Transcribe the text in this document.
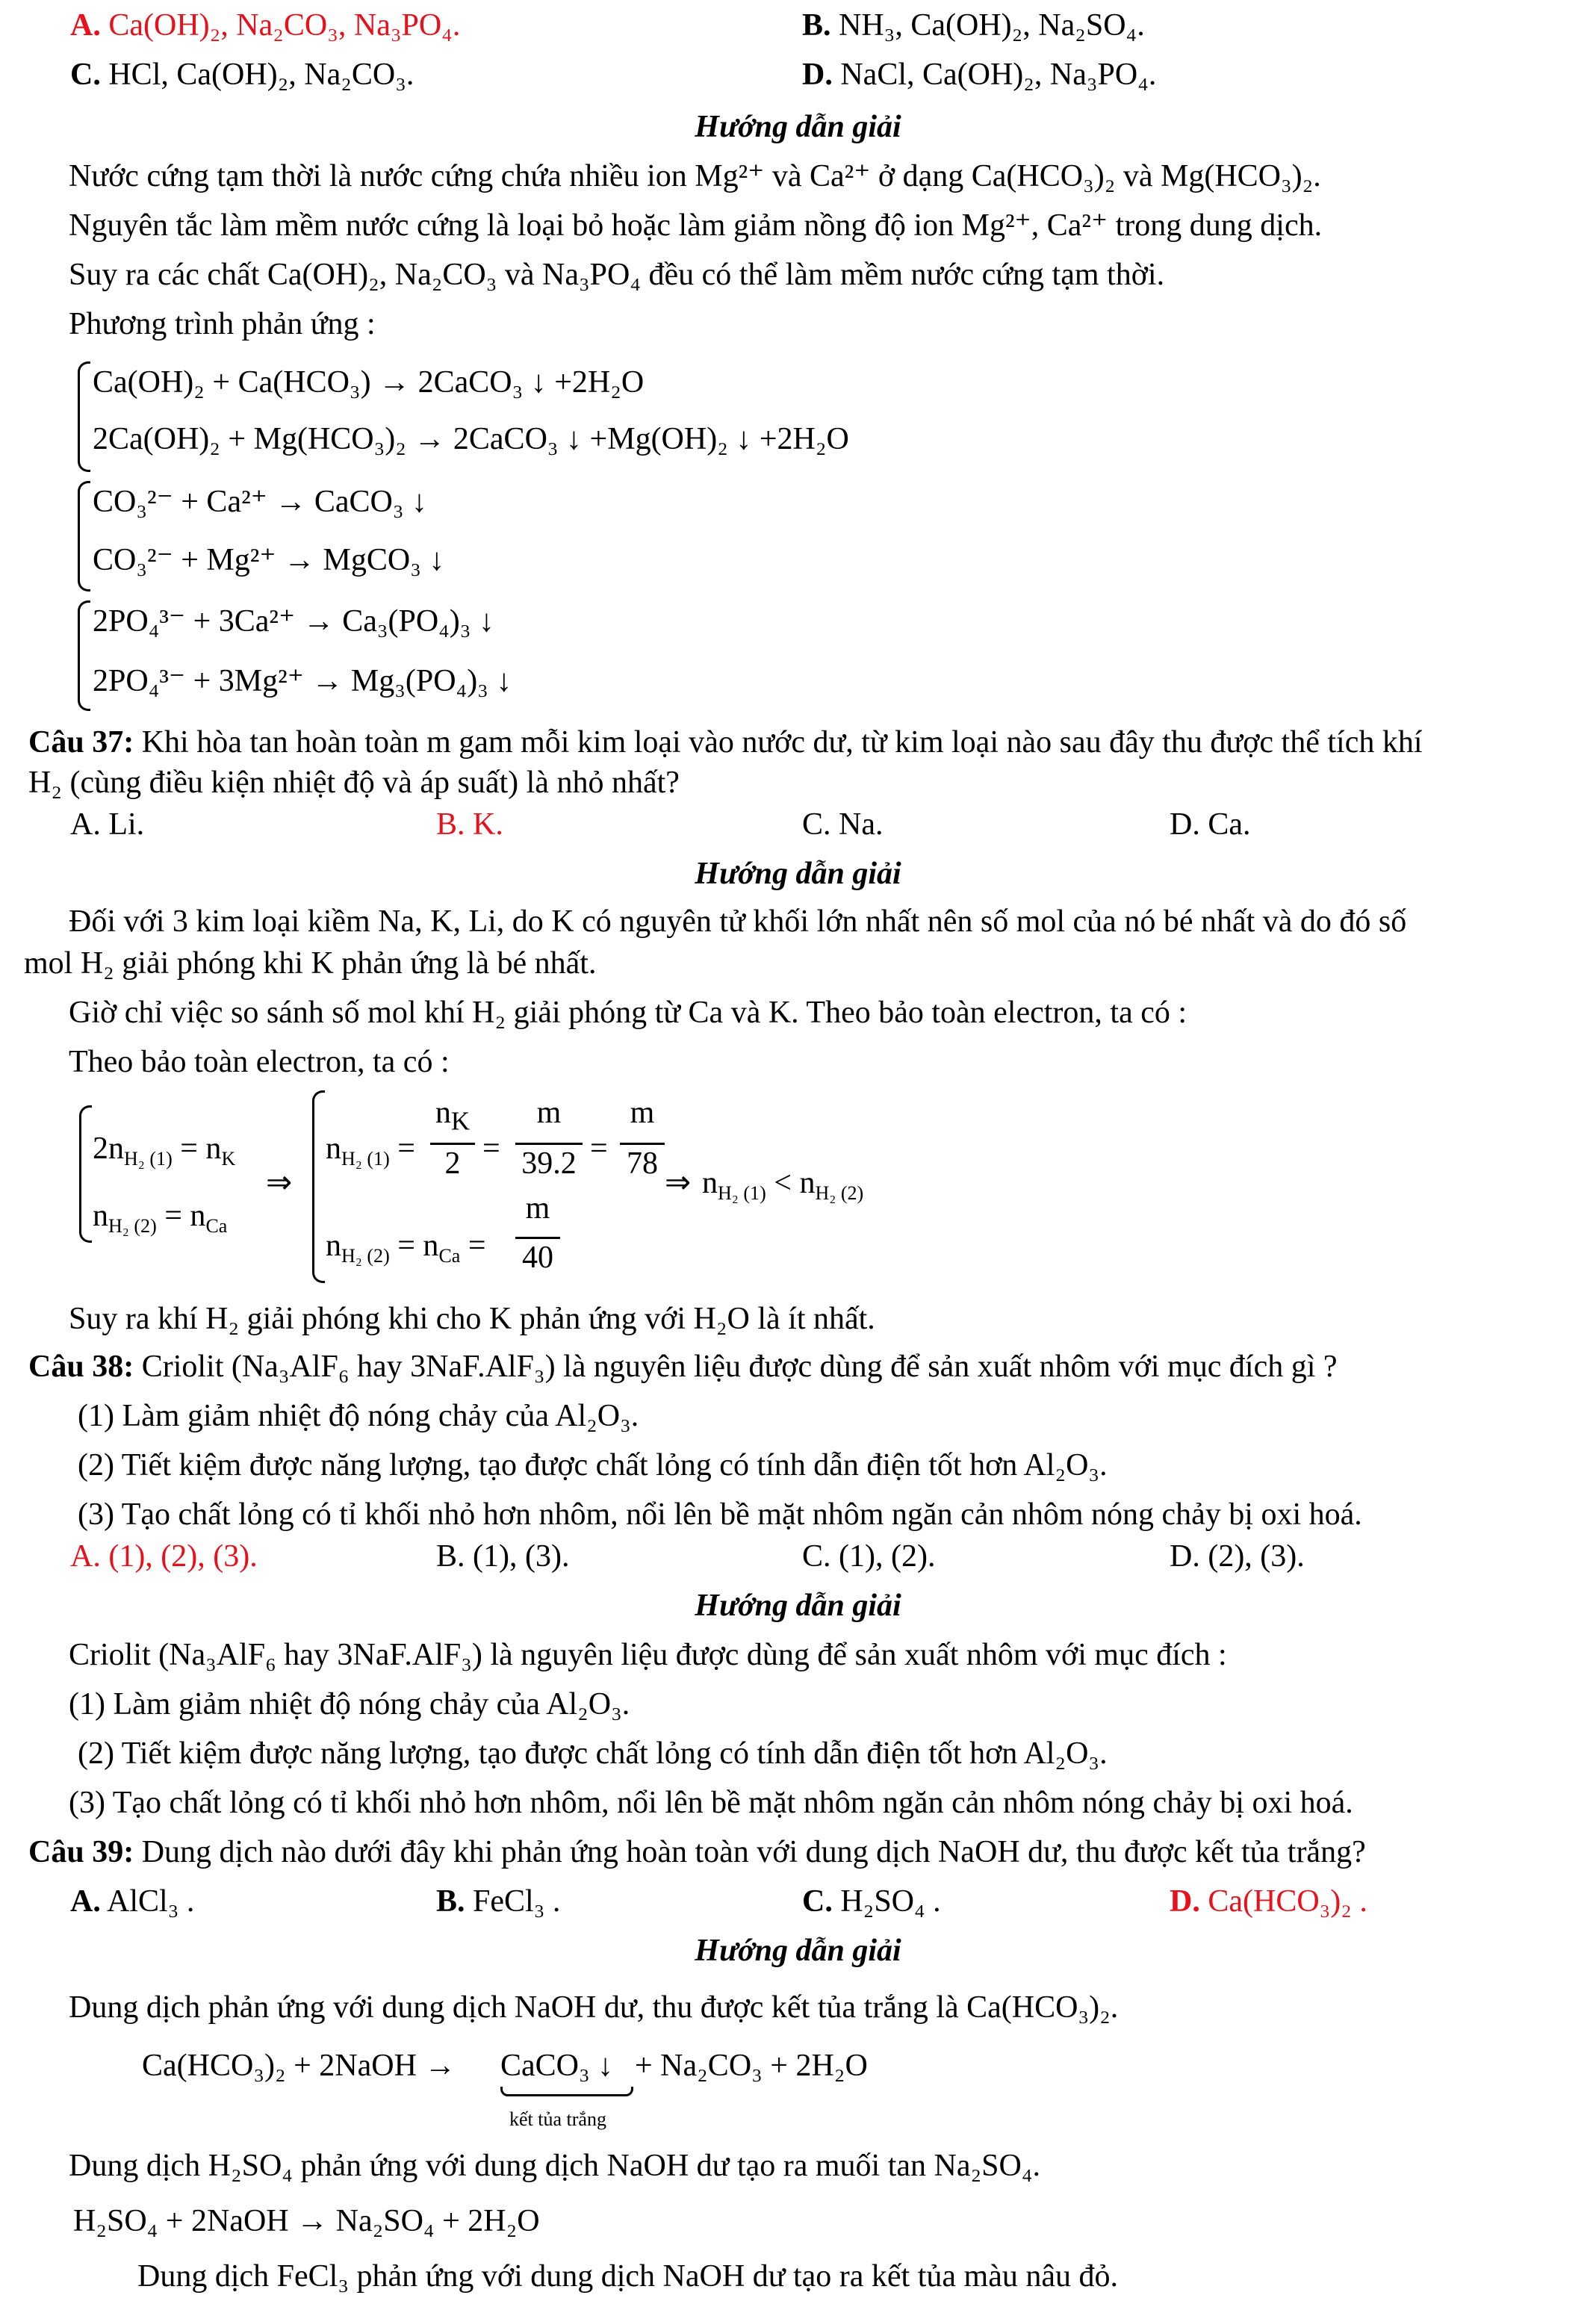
A. Ca(OH)₂, Na₂CO₃, Na₃PO₄.	B. NH₃, Ca(OH)₂, Na₂SO₄.
C. HCl, Ca(OH)₂, Na₂CO₃.	D. NaCl, Ca(OH)₂, Na₃PO₄.
Hướng dẫn giải
Nước cứng tạm thời là nước cứng chứa nhiều ion Mg²⁺ và Ca²⁺ ở dạng Ca(HCO₃)₂ và Mg(HCO₃)₂.
Nguyên tắc làm mềm nước cứng là loại bỏ hoặc làm giảm nồng độ ion Mg²⁺, Ca²⁺ trong dung dịch.
Suy ra các chất Ca(OH)₂, Na₂CO₃ và Na₃PO₄ đều có thể làm mềm nước cứng tạm thời.
Phương trình phản ứng :
Ca(OH)₂ + Ca(HCO₃) → 2CaCO₃ ↓ +2H₂O
2Ca(OH)₂ + Mg(HCO₃)₂ → 2CaCO₃ ↓ +Mg(OH)₂ ↓ +2H₂O
CO₃²⁻ + Ca²⁺ → CaCO₃ ↓
CO₃²⁻ + Mg²⁺ → MgCO₃ ↓
2PO₄³⁻ + 3Ca²⁺ → Ca₃(PO₄)₃ ↓
2PO₄³⁻ + 3Mg²⁺ → Mg₃(PO₄)₃ ↓
Câu 37: Khi hòa tan hoàn toàn m gam mỗi kim loại vào nước dư, từ kim loại nào sau đây thu được thể tích khí
H₂ (cùng điều kiện nhiệt độ và áp suất) là nhỏ nhất?
A. Li.	B. K.	C. Na.	D. Ca.
Hướng dẫn giải
Đối với 3 kim loại kiềm Na, K, Li, do K có nguyên tử khối lớn nhất nên số mol của nó bé nhất và do đó số
mol H₂ giải phóng khi K phản ứng là bé nhất.
Giờ chỉ việc so sánh số mol khí H₂ giải phóng từ Ca và K. Theo bảo toàn electron, ta có :
Theo bảo toàn electron, ta có :
$2n_{H_2 (1)} = n_K$
$n_{H_2 (2)} = n_{Ca}$
⇒
$n_{H_2 (1)}$ =
$n_K$
2 =
m
39.2 =
m
78
⇒ $n_{H_2 (1)} < n_{H_2 (2)}$
$n_{H_2 (2)} = n_{Ca}$ =
m
40
Suy ra khí H₂ giải phóng khi cho K phản ứng với H₂O là ít nhất.
Câu 38: Criolit (Na₃AlF₆ hay 3NaF.AlF₃) là nguyên liệu được dùng để sản xuất nhôm với mục đích gì ?
(1) Làm giảm nhiệt độ nóng chảy của Al₂O₃.
(2) Tiết kiệm được năng lượng, tạo được chất lỏng có tính dẫn điện tốt hơn Al₂O₃.
(3) Tạo chất lỏng có tỉ khối nhỏ hơn nhôm, nổi lên bề mặt nhôm ngăn cản nhôm nóng chảy bị oxi hoá.
A. (1), (2), (3).	B. (1), (3).	C. (1), (2).	D. (2), (3).
Hướng dẫn giải
Criolit (Na₃AlF₆ hay 3NaF.AlF₃) là nguyên liệu được dùng để sản xuất nhôm với mục đích :
(1) Làm giảm nhiệt độ nóng chảy của Al₂O₃.
(2) Tiết kiệm được năng lượng, tạo được chất lỏng có tính dẫn điện tốt hơn Al₂O₃.
(3) Tạo chất lỏng có tỉ khối nhỏ hơn nhôm, nổi lên bề mặt nhôm ngăn cản nhôm nóng chảy bị oxi hoá.
Câu 39: Dung dịch nào dưới đây khi phản ứng hoàn toàn với dung dịch NaOH dư, thu được kết tủa trắng?
A. AlCl₃ .	B. FeCl₃ .	C. H₂SO₄ .	D. Ca(HCO₃)₂ .
Hướng dẫn giải
Dung dịch phản ứng với dung dịch NaOH dư, thu được kết tủa trắng là Ca(HCO₃)₂.
Ca(HCO₃)₂ + 2NaOH → CaCO₃ ↓
kết tủa trắng
+ Na₂CO₃ + 2H₂O
Dung dịch H₂SO₄ phản ứng với dung dịch NaOH dư tạo ra muối tan Na₂SO₄.
H₂SO₄ + 2NaOH → Na₂SO₄ + 2H₂O
Dung dịch FeCl₃ phản ứng với dung dịch NaOH dư tạo ra kết tủa màu nâu đỏ.
